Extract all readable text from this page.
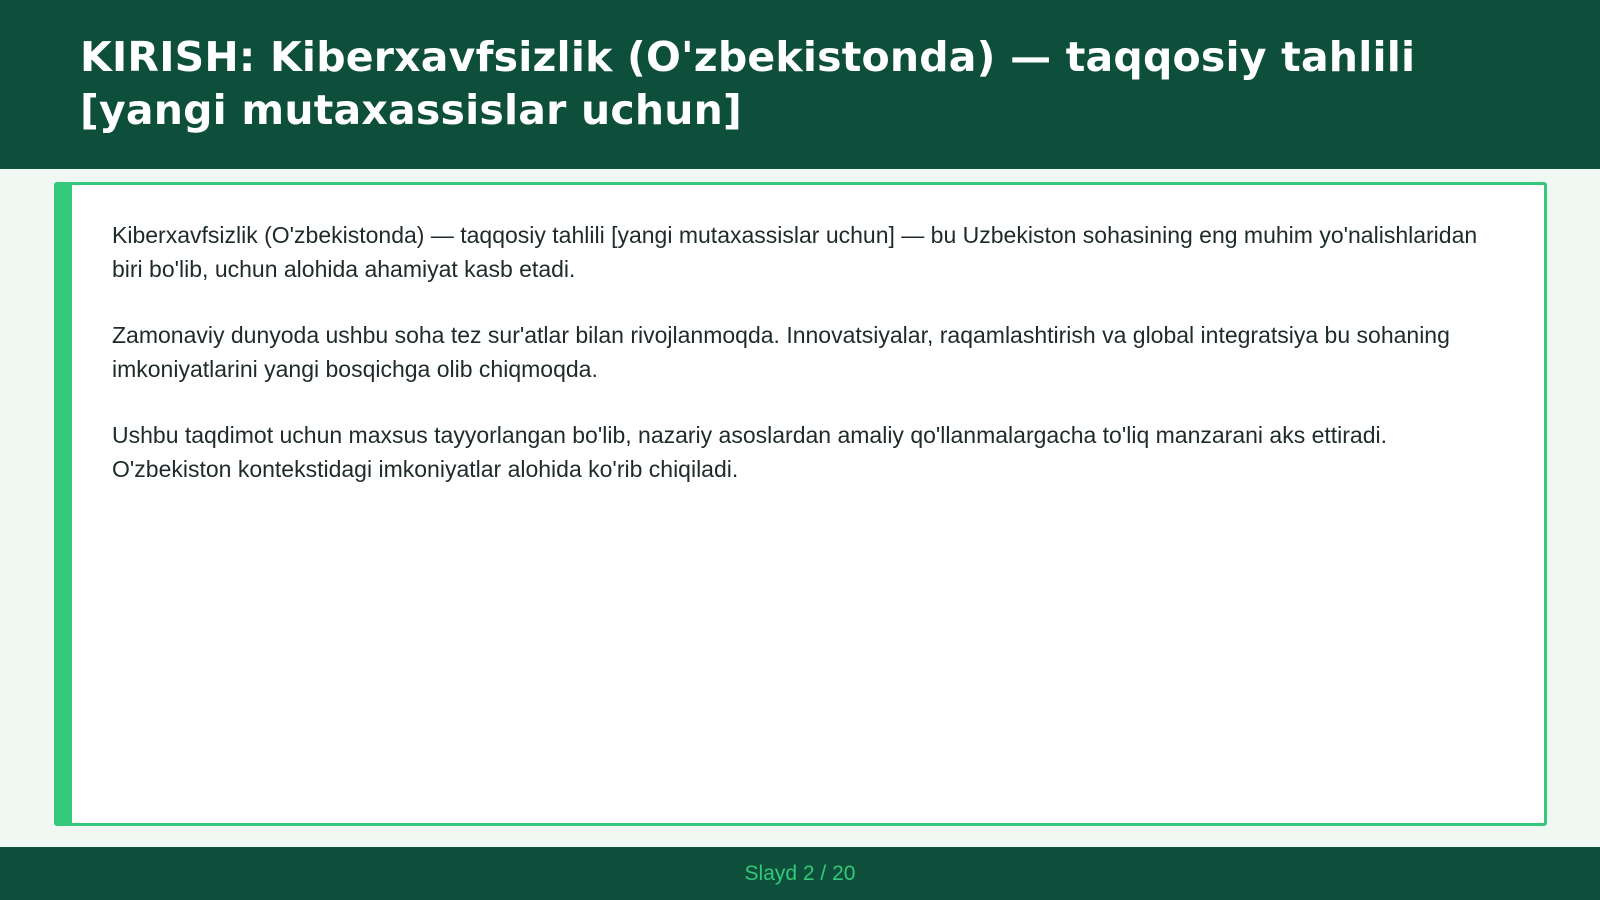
KIRISH: Kiberxavfsizlik (O'zbekistonda) — taqqosiy tahlili [yangi mutaxassislar uchun]

Kiberxavfsizlik (O'zbekistonda) — taqqosiy tahlili [yangi mutaxassislar uchun] — bu Uzbekiston sohasining eng muhim yo'nalishlaridan biri bo'lib, uchun alohida ahamiyat kasb etadi.

Zamonaviy dunyoda ushbu soha tez sur'atlar bilan rivojlanmoqda. Innovatsiyalar, raqamlashtirish va global integratsiya bu sohaning imkoniyatlarini yangi bosqichga olib chiqmoqda.

Ushbu taqdimot uchun maxsus tayyorlangan bo'lib, nazariy asoslardan amaliy qo'llanmalargacha to'liq manzarani aks ettiradi. O'zbekiston kontekstidagi imkoniyatlar alohida ko'rib chiqiladi.

Slayd 2 / 20
